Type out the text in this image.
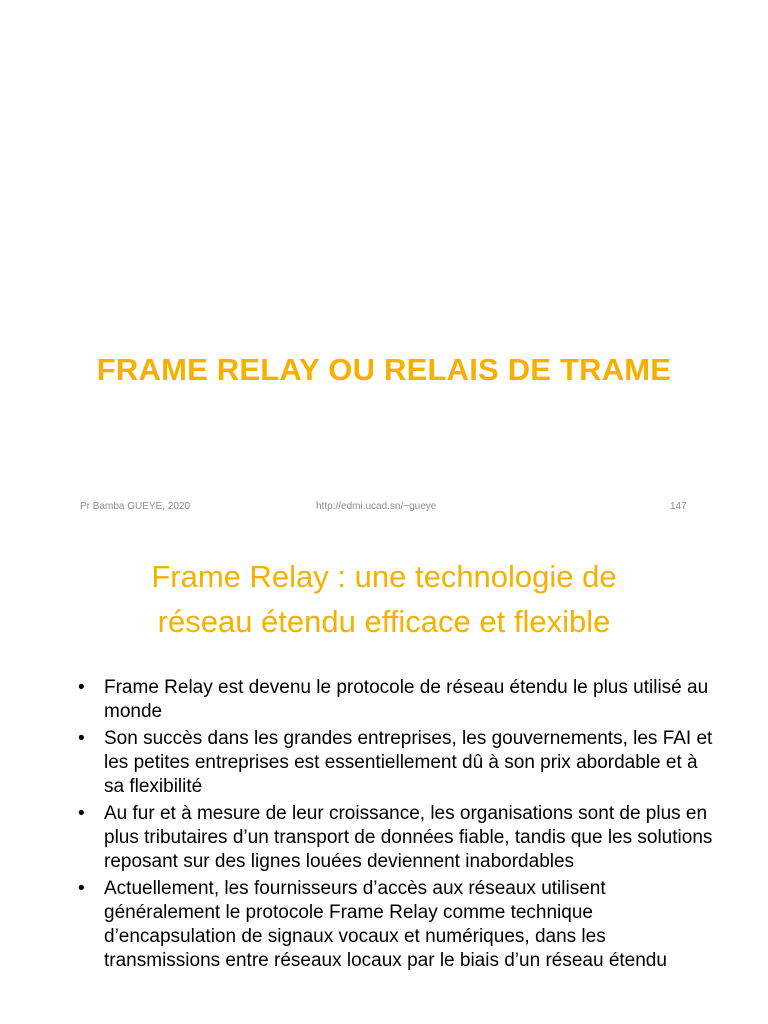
FRAME RELAY OU RELAIS DE TRAME
Pr Bamba GUEYE, 2020	http://edmi.ucad.sn/~gueye	147
Frame Relay : une technologie de
réseau étendu efficace et flexible
• Frame Relay est devenu le protocole de réseau étendu le plus utilisé au monde
• Son succès dans les grandes entreprises, les gouvernements, les FAI et les petites entreprises est essentiellement dû à son prix abordable et à sa flexibilité
• Au fur et à mesure de leur croissance, les organisations sont de plus en plus tributaires d’un transport de données fiable, tandis que les solutions reposant sur des lignes louées deviennent inabordables
• Actuellement, les fournisseurs d’accès aux réseaux utilisent généralement le protocole Frame Relay comme technique d’encapsulation de signaux vocaux et numériques, dans les transmissions entre réseaux locaux par le biais d’un réseau étendu
